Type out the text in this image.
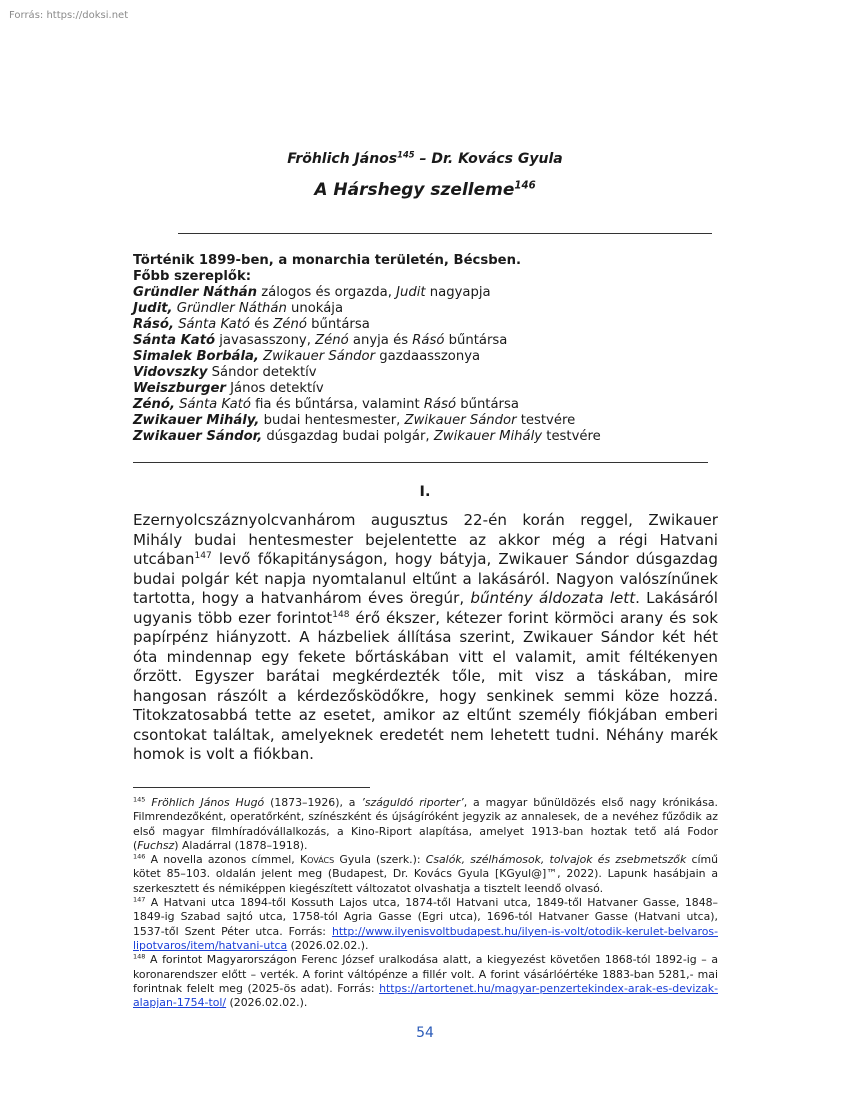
Forrás: https://doksi.net
Fröhlich János$^{145}$ – Dr. Kovács Gyula
A Hárshegy szelleme$^{146}$
Történik 1899-ben, a monarchia területén, Bécsben.
Főbb szereplők:
Gründler Náthán zálogos és orgazda, Judit nagyapja
Judit, Gründler Náthán unokája
Rásó, Sánta Kató és Zénó bűntársa
Sánta Kató javasasszony, Zénó anyja és Rásó bűntársa
Simalek Borbála, Zwikauer Sándor gazdaasszonya
Vidovszky Sándor detektív
Weiszburger János detektív
Zénó, Sánta Kató fia és bűntársa, valamint Rásó bűntársa
Zwikauer Mihály, budai hentesmester, Zwikauer Sándor testvére
Zwikauer Sándor, dúsgazdag budai polgár, Zwikauer Mihály testvére
I.

Ezernyolcszáznyolcvanhárom augusztus 22-én korán reggel, Zwikauer Mihály budai hentesmester bejelentette az akkor még a régi Hatvani utcában$^{147}$ levő főkapitányságon, hogy bátyja, Zwikauer Sándor dúsgazdag budai polgár két napja nyomtalanul eltűnt a lakásáról. Nagyon valószínűnek tartotta, hogy a hatvanhárom éves öregúr, bűntény áldozata lett. Lakásáról ugyanis több ezer forintot$^{148}$ érő ékszer, kétezer forint körmöci arany és sok papírpénz hiányzott. A házbeliek állítása szerint, Zwikauer Sándor két hét óta mindennap egy fekete bőrtáskában vitt el valamit, amit féltékenyen őrzött. Egyszer barátai megkérdezték tőle, mit visz a táskában, mire hangosan rászólt a kérdezősködőkre, hogy senkinek semmi köze hozzá. Titokzatosabbá tette az esetet, amikor az eltűnt személy fiókjában emberi csontokat találtak, amelyeknek eredetét nem lehetett tudni. Néhány marék homok is volt a fiókban.

$^{145}$ Fröhlich János Hugó (1873–1926), a ’száguldó riporter’, a magyar bűnüldözés első nagy krónikása. Filmrendezőként, operatőrként, színészként és újságíróként jegyzik az annalesek, de a nevéhez fűződik az első magyar filmhíradóvállalkozás, a Kino-Riport alapítása, amelyet 1913-ban hoztak tető alá Fodor (Fuchsz) Aladárral (1878–1918).

$^{146}$ A novella azonos címmel, Kovács Gyula (szerk.): Csalók, szélhámosok, tolvajok és zsebmetszők című kötet 85–103. oldalán jelent meg (Budapest, Dr. Kovács Gyula [KGyul@]™, 2022). Lapunk hasábjain a szerkesztett és némiképpen kiegészített változatot olvashatja a tisztelt leendő olvasó.

$^{147}$ A Hatvani utca 1894-től Kossuth Lajos utca, 1874-től Hatvani utca, 1849-től Hatvaner Gasse, 1848–1849-ig Szabad sajtó utca, 1758-tól Agria Gasse (Egri utca), 1696-tól Hatvaner Gasse (Hatvani utca), 1537-től Szent Péter utca. Forrás: http://www.ilyenisvoltbudapest.hu/ilyen-is-volt/otodik-kerulet-belvaros-lipotvaros/item/hatvani-utca (2026.02.02.).

$^{148}$ A forintot Magyarországon Ferenc József uralkodása alatt, a kiegyezést követően 1868-tól 1892-ig – a koronarendszer előtt – verték. A forint váltópénze a fillér volt. A forint vásárlóértéke 1883-ban 5281,- mai forintnak felelt meg (2025-ös adat). Forrás: https://artortenet.hu/magyar-penzertekindex-arak-es-devizak-alapjan-1754-tol/ (2026.02.02.).

54
